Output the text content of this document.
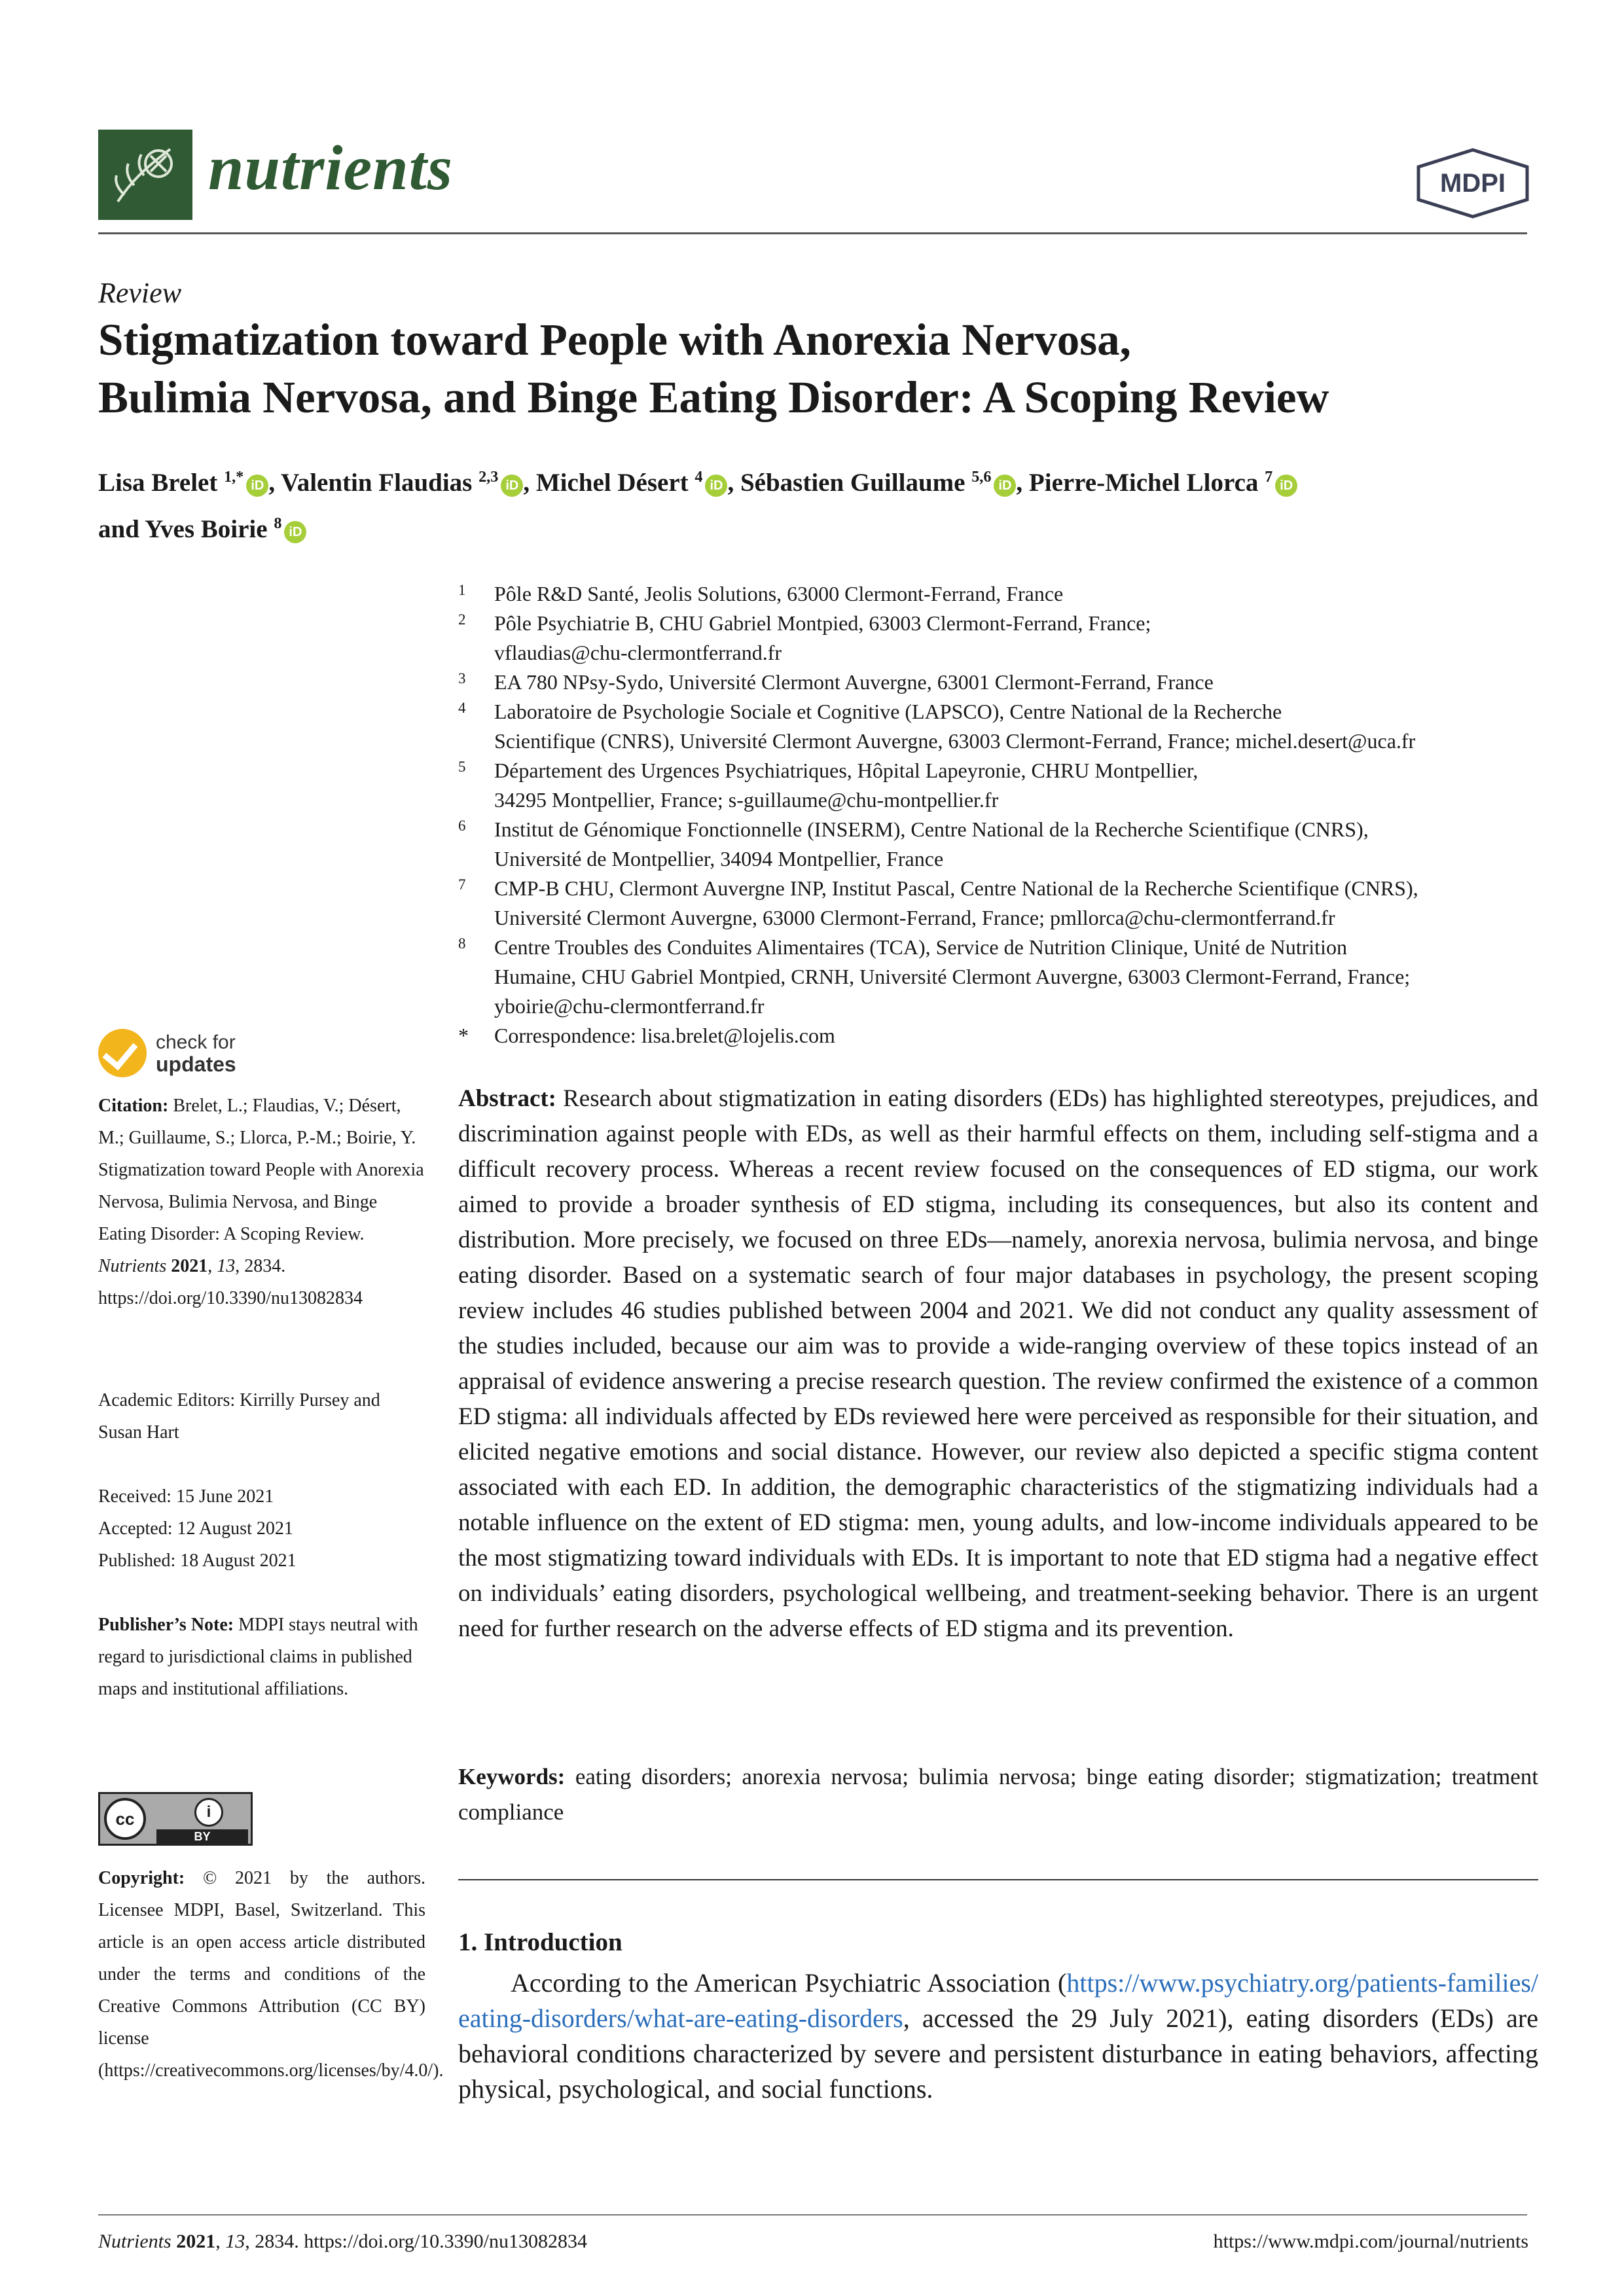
nutrients	MDPI
Review
Stigmatization toward People with Anorexia Nervosa,
Bulimia Nervosa, and Binge Eating Disorder: A Scoping Review
Lisa Brelet $^{1,*}$ iD , Valentin Flaudias $^{2,3}$ iD , Michel Désert $^4$ iD , Sébastien Guillaume $^{5,6}$ iD , Pierre-Michel Llorca $^7$ iD
and Yves Boirie $^8$ iD
1 Pôle R&D Santé, Jeolis Solutions, 63000 Clermont-Ferrand, France
2 Pôle Psychiatrie B, CHU Gabriel Montpied, 63003 Clermont-Ferrand, France;
vflaudias@chu-clermontferrand.fr
3 EA 780 NPsy-Sydo, Université Clermont Auvergne, 63001 Clermont-Ferrand, France
4 Laboratoire de Psychologie Sociale et Cognitive (LAPSCO), Centre National de la Recherche
Scientifique (CNRS), Université Clermont Auvergne, 63003 Clermont-Ferrand, France; michel.desert@uca.fr
5 Département des Urgences Psychiatriques, Hôpital Lapeyronie, CHRU Montpellier,
34295 Montpellier, France; s-guillaume@chu-montpellier.fr
6 Institut de Génomique Fonctionnelle (INSERM), Centre National de la Recherche Scientifique (CNRS),
Université de Montpellier, 34094 Montpellier, France
7 CMP-B CHU, Clermont Auvergne INP, Institut Pascal, Centre National de la Recherche Scientifique (CNRS),
Université Clermont Auvergne, 63000 Clermont-Ferrand, France; pmllorca@chu-clermontferrand.fr
8 Centre Troubles des Conduites Alimentaires (TCA), Service de Nutrition Clinique, Unité de Nutrition
Humaine, CHU Gabriel Montpied, CRNH, Université Clermont Auvergne, 63003 Clermont-Ferrand, France;
yboirie@chu-clermontferrand.fr
* Correspondence: lisa.brelet@lojelis.com
check for
updates
Citation: Brelet, L.; Flaudias, V.; Désert, M.; Guillaume, S.; Llorca, P.-M.; Boirie, Y. Stigmatization toward People with Anorexia Nervosa, Bulimia Nervosa, and Binge Eating Disorder: A Scoping Review. Nutrients 2021, 13, 2834. https://doi.org/10.3390/nu13082834
Academic Editors: Kirrilly Pursey and Susan Hart
Received: 15 June 2021
Accepted: 12 August 2021
Published: 18 August 2021
Publisher’s Note: MDPI stays neutral with regard to jurisdictional claims in published maps and institutional affiliations.
cc	i
BY
Copyright: © 2021 by the authors. Licensee MDPI, Basel, Switzerland. This article is an open access article distributed under the terms and conditions of the Creative Commons Attribution (CC BY) license (https://creativecommons.org/licenses/by/4.0/).
Abstract: Research about stigmatization in eating disorders (EDs) has highlighted stereotypes, prejudices, and discrimination against people with EDs, as well as their harmful effects on them, including self-stigma and a difficult recovery process. Whereas a recent review focused on the consequences of ED stigma, our work aimed to provide a broader synthesis of ED stigma, including its consequences, but also its content and distribution. More precisely, we focused on three EDs—namely, anorexia nervosa, bulimia nervosa, and binge eating disorder. Based on a systematic search of four major databases in psychology, the present scoping review includes 46 studies published between 2004 and 2021. We did not conduct any quality assessment of the studies included, because our aim was to provide a wide-ranging overview of these topics instead of an appraisal of evidence answering a precise research question. The review confirmed the existence of a common ED stigma: all individuals affected by EDs reviewed here were perceived as responsible for their situation, and elicited negative emotions and social distance. However, our review also depicted a specific stigma content associated with each ED. In addition, the demographic characteristics of the stigmatizing individuals had a notable influence on the extent of ED stigma: men, young adults, and low-income individuals appeared to be the most stigmatizing toward individuals with EDs. It is important to note that ED stigma had a negative effect on individuals’ eating disorders, psychological wellbeing, and treatment-seeking behavior. There is an urgent need for further research on the adverse effects of ED stigma and its prevention.
Keywords: eating disorders; anorexia nervosa; bulimia nervosa; binge eating disorder; stigmatization; treatment compliance
1. Introduction
According to the American Psychiatric Association (https://www.psychiatry.org/patients-families/eating-disorders/what-are-eating-disorders, accessed the 29 July 2021), eating disorders (EDs) are behavioral conditions characterized by severe and persistent disturbance in eating behaviors, affecting physical, psychological, and social functions.
Nutrients 2021, 13, 2834. https://doi.org/10.3390/nu13082834	https://www.mdpi.com/journal/nutrients
